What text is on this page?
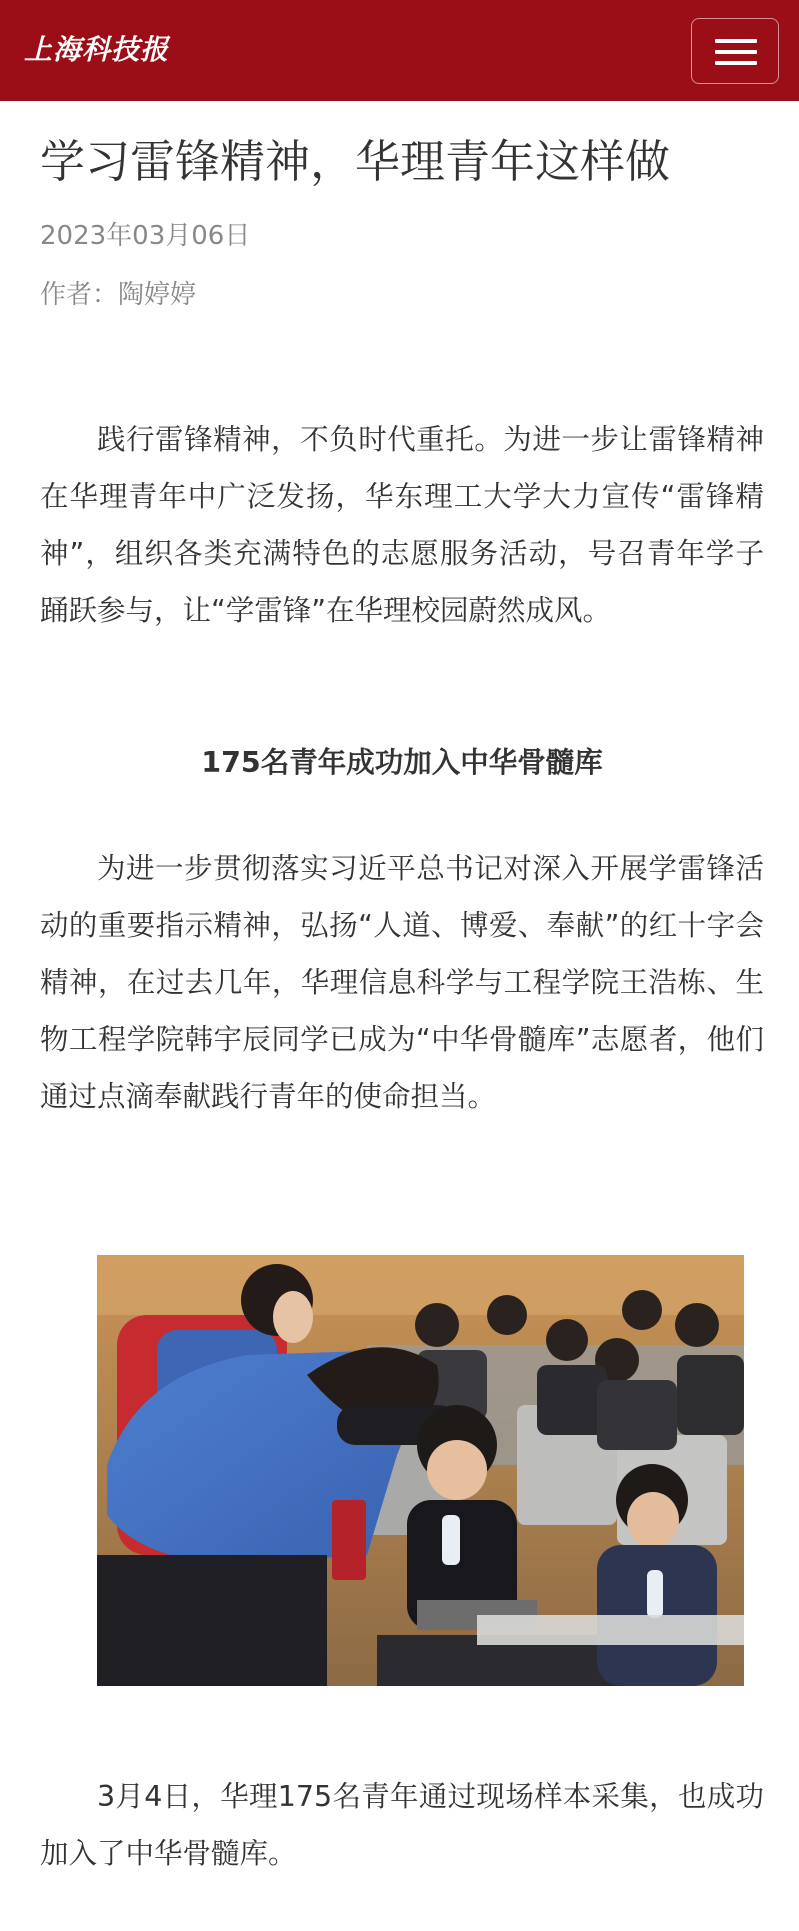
上海科技报
学习雷锋精神，华理青年这样做
2023年03月06日
作者：陶婷婷

践行雷锋精神，不负时代重托。为进一步让雷锋精神在华理青年中广泛发扬，华东理工大学大力宣传“雷锋精神”，组织各类充满特色的志愿服务活动，号召青年学子踊跃参与，让“学雷锋”在华理校园蔚然成风。

175名青年成功加入中华骨髓库

为进一步贯彻落实习近平总书记对深入开展学雷锋活动的重要指示精神，弘扬“人道、博爱、奉献”的红十字会精神，在过去几年，华理信息科学与工程学院王浩栋、生物工程学院韩宇辰同学已成为“中华骨髓库”志愿者，他们通过点滴奉献践行青年的使命担当。

3月4日，华理175名青年通过现场样本采集，也成功加入了中华骨髓库。
